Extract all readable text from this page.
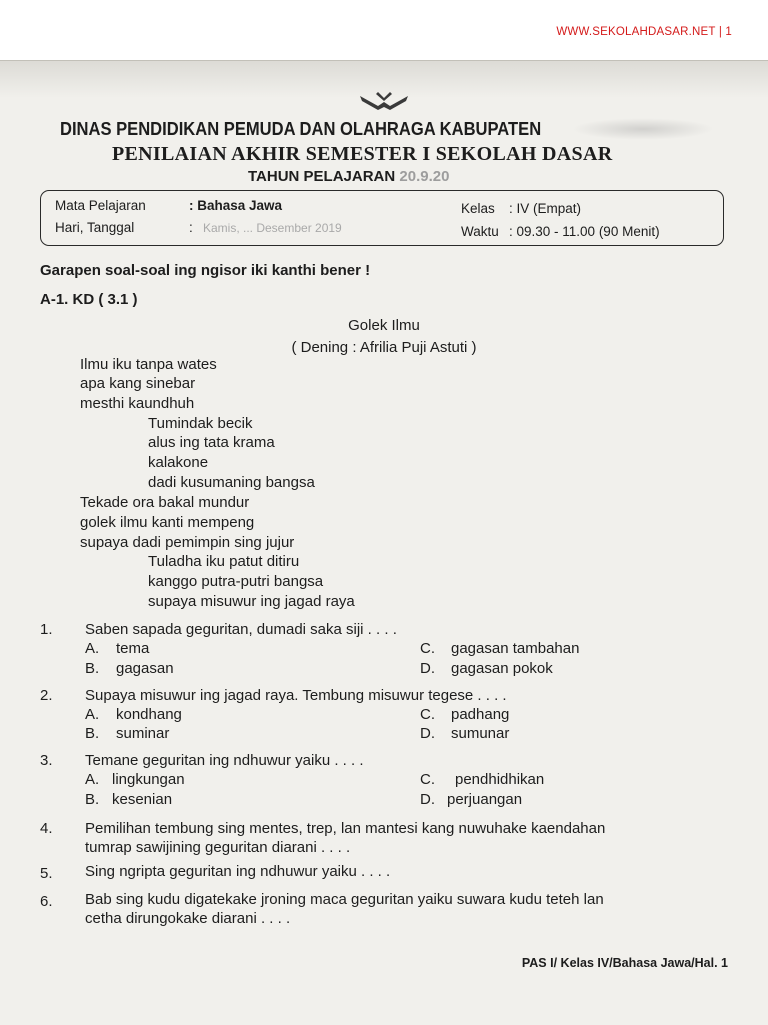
WWW.SEKOLAHDASAR.NET | 1
DINAS PENDIDIKAN PEMUDA DAN OLAHRAGA KABUPATEN
PENILAIAN AKHIR SEMESTER I SEKOLAH DASAR
TAHUN PELAJARAN 20.9.20
Mata Pelajaran	: Bahasa Jawa
Hari, Tanggal	: Kamis, ... Desember 2019
Kelas : IV (Empat)
Waktu : 09.30 - 11.00 (90 Menit)
Garapen soal-soal ing ngisor iki kanthi bener !
A-1. KD ( 3.1 )
Golek Ilmu
( Dening : Afrilia Puji Astuti )
Ilmu iku tanpa wates
apa kang sinebar
mesthi kaundhuh
Tumindak becik
alus ing tata krama
kalakone
dadi kusumaning bangsa
Tekade ora bakal mundur
golek ilmu kanti mempeng
supaya dadi pemimpin sing jujur
Tuladha iku patut ditiru
kanggo putra-putri bangsa
supaya misuwur ing jagad raya
1. Saben sapada geguritan, dumadi saka siji . . . .
A. tema
B. gagasan
C. gagasan tambahan
D. gagasan pokok
2. Supaya misuwur ing jagad raya. Tembung misuwur tegese . . . .
A. kondhang
B. suminar
C. padhang
D. sumunar
3. Temane geguritan ing ndhuwur yaiku . . . .
A. lingkungan
B. kesenian
C. pendhidhikan
D. perjuangan
4. Pemilihan tembung sing mentes, trep, lan mantesi kang nuwuhake kaendahan
tumrap sawijining geguritan diarani . . . .
5. Sing ngripta geguritan ing ndhuwur yaiku . . . .
6. Bab sing kudu digatekake jroning maca geguritan yaiku suwara kudu teteh lan
cetha dirungokake diarani . . . .
PAS I/ Kelas IV/Bahasa Jawa/Hal. 1
